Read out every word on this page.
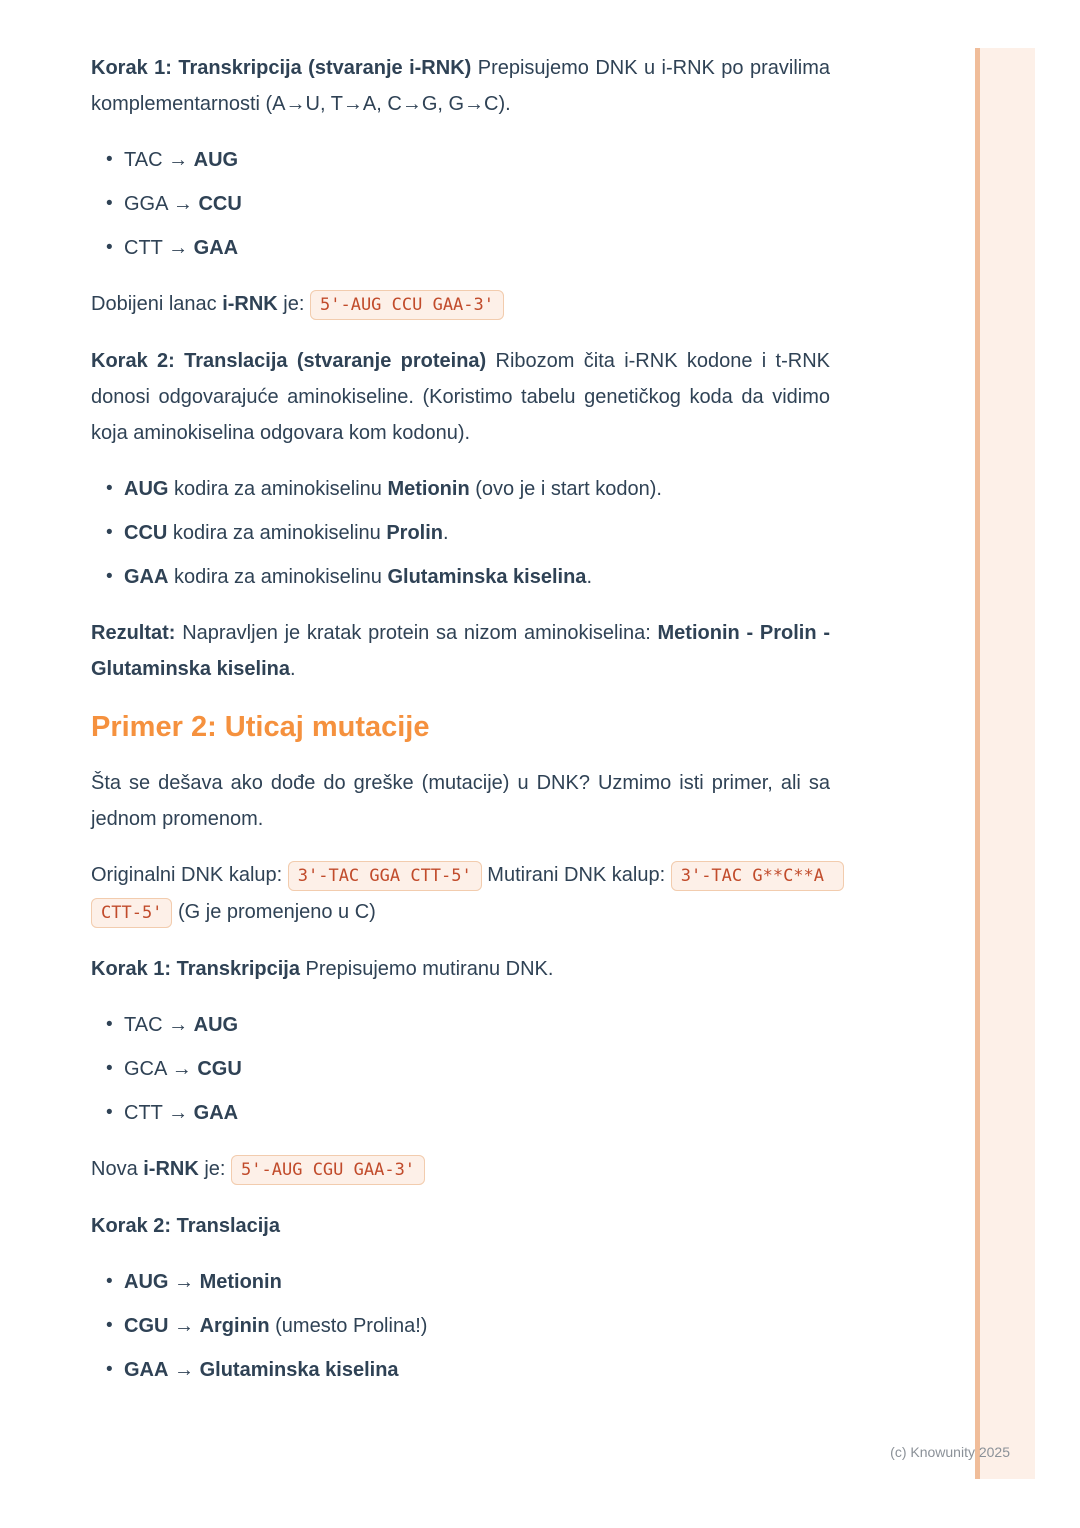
Korak 1: Transkripcija (stvaranje i-RNK) Prepisujemo DNK u i-RNK po pravilima komplementarnosti (A→U, T→A, C→G, G→C).

• TAC → AUG
• GGA → CCU
• CTT → GAA

Dobijeni lanac i-RNK je: 5'-AUG CCU GAA-3'

Korak 2: Translacija (stvaranje proteina) Ribozom čita i-RNK kodone i t-RNK donosi odgovarajuće aminokiseline. (Koristimo tabelu genetičkog koda da vidimo koja aminokiselina odgovara kom kodonu).

• AUG kodira za aminokiselinu Metionin (ovo je i start kodon).
• CCU kodira za aminokiselinu Prolin.
• GAA kodira za aminokiselinu Glutaminska kiselina.

Rezultat: Napravljen je kratak protein sa nizom aminokiselina: Metionin - Prolin - Glutaminska kiselina.

Primer 2: Uticaj mutacije

Šta se dešava ako dođe do greške (mutacije) u DNK? Uzmimo isti primer, ali sa jednom promenom.

Originalni DNK kalup: 3'-TAC GGA CTT-5' Mutirani DNK kalup: 3'-TAC G**C**A CTT-5' (G je promenjeno u C)

Korak 1: Transkripcija Prepisujemo mutiranu DNK.

• TAC → AUG
• GCA → CGU
• CTT → GAA

Nova i-RNK je: 5'-AUG CGU GAA-3'

Korak 2: Translacija

• AUG → Metionin
• CGU → Arginin (umesto Prolina!)
• GAA → Glutaminska kiselina
(c) Knowunity 2025
